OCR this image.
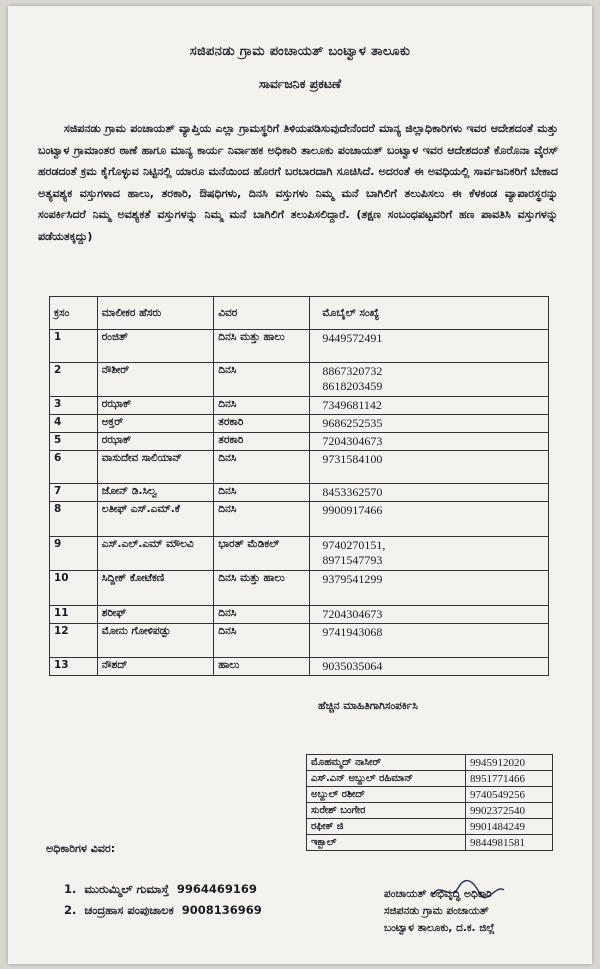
ಸಜಿಪನಡು ಗ್ರಾಮ ಪಂಚಾಯತ್ ಬಂಟ್ವಾಳ ತಾಲೂಕು
ಸಾರ್ವಜನಿಕ ಪ್ರಕಟಣೆ
ಸಜಿಪನಡು ಗ್ರಾಮ ಪಂಚಾಯತ್ ವ್ಯಾಪ್ತಿಯ ಎಲ್ಲಾ ಗ್ರಾಮಸ್ಥರಿಗೆ ತಿಳಿಯಪಡಿಸುವುದೇನೆಂದರೆ ಮಾನ್ಯ ಜಿಲ್ಲಾಧಿಕಾರಿಗಳು ಇವರ ಆದೇಶದಂತೆ ಮತ್ತು ಬಂಟ್ವಾಳ ಗ್ರಾಮಾಂತರ ಠಾಣೆ ಹಾಗೂ ಮಾನ್ಯ ಕಾರ್ಯ ನಿರ್ವಾಹಕ ಅಧಿಕಾರಿ ತಾಲೂಕು ಪಂಚಾಯತ್ ಬಂಟ್ವಾಳ ಇವರ ಆದೇಶದಂತೆ ಕೊರೊನಾ ವೈರಸ್ ಹರಡದಂತೆ ಕ್ರಮ ಕೈಗೊಳ್ಳುವ ನಿಟ್ಟಿನಲ್ಲಿ ಯಾರೂ ಮನೆಯಿಂದ ಹೊರಗೆ ಬರಬಾರದಾಗಿ ಸೂಚಿಸಿದೆ. ಅದರಂತೆ ಈ ಅವಧಿಯಲ್ಲಿ ಸಾರ್ವಜನಿಕರಿಗೆ ಬೇಕಾದ ಅತ್ಯವಶ್ಯಕ ವಸ್ತುಗಳಾದ ಹಾಲು, ತರಕಾರಿ, ಔಷಧಿಗಳು, ದಿನಸಿ ವಸ್ತುಗಳು ನಿಮ್ಮ ಮನೆ ಬಾಗಿಲಿಗೆ ತಲುಪಿಸಲು ಈ ಕೆಳಕಂಡ ವ್ಯಾಪಾರಸ್ಥರನ್ನು ಸಂಪರ್ಕಿಸಿದರೆ ನಿಮ್ಮ ಅವಶ್ಯಕತೆ ವಸ್ತುಗಳನ್ನು ನಿಮ್ಮ ಮನೆ ಬಾಗಿಲಿಗೆ ತಲುಪಿಸಲಿದ್ದಾರೆ. (ತಕ್ಷಣ ಸಂಬಂಧಪಟ್ಟವರಿಗೆ ಹಣ ಪಾವತಿಸಿ ವಸ್ತುಗಳನ್ನು ಪಡೆಯತಕ್ಕದ್ದು)
ಕ್ರಸಂ	ಮಾಲೀಕರ ಹೆಸರು	ವಿವರ	ಮೊಬೈಲ್ ಸಂಖ್ಯೆ
1	ರಂಜಿತ್	ದಿನಸಿ ಮತ್ತು ಹಾಲು	9449572491

2	ನೌಶೀರ್	ದಿನಸಿ	8867320732
8618203459

3	ರಝಾಕ್	ದಿನಸಿ	7349681142

4	ಅಕ್ತರ್	ತರಕಾರಿ	9686252535

5	ರಝಾಕ್	ತರಕಾರಿ	7204304673

6	ವಾಸುದೇವ ಸಾಲಿಯಾನ್	ದಿನಸಿ	9731584100

7	ಜೋನ್ ಡಿ.ಸಿಲ್ವ	ದಿನಸಿ	8453362570

8	ಲತೀಫ್ ಎಸ್.ಎಮ್.ಕೆ	ದಿನಸಿ	9900917466

9	ಎಸ್.ಎಲ್.ಎಮ್ ಮೌಲವಿ	ಭಾರತ್ ಮೆಡಿಕಲ್	9740270151,
8971547793

10	ಸಿದ್ದೀಕ್ ಕೋಟೆಕಣಿ	ದಿನಸಿ ಮತ್ತು ಹಾಲು	9379541299

11	ಶರೀಫ್	ದಿನಸಿ	7204304673

12	ಮೋನು ಗೋಳಿಪಡ್ಪು	ದಿನಸಿ	9741943068

13	ನೌಶದ್	ಹಾಲು	9035035064
ಹೆಚ್ಚಿನ ಮಾಹಿತಿಗಾಗಿಸಂಪರ್ಕಿಸಿ
ಮೊಹಮ್ಮದ್ ನಾಸೀರ್	9945912020
ಎಸ್.ಎನ್ ಅಬ್ದುಲ್ ರಹಿಮಾನ್	8951771466
ಅಬ್ದುಲ್ ರಶೀದ್	9740549256
ಸುರೇಶ್ ಬಂಗೇರ	9902372540
ರಫೀಕ್ ಜಿ	9901484249
ಇಕ್ಬಾಲ್	9844981581
ಅಧಿಕಾರಿಗಳ ವಿವರ:
1. ಮುರುಮ್ಮಿಲ್ ಗುಮಾಸ್ತೆ 9964469169
2. ಚಂದ್ರಹಾಸ ಪಂಪುಚಾಲಕ 9008136969
ಪಂಚಾಯತ್ ಅಭಿವೃದ್ಧಿ ಅಧಿಕಾರಿ
ಸಜಿಪನಡು ಗ್ರಾಮ ಪಂಚಾಯತ್
ಬಂಟ್ವಾಳ ತಾಲೂಕು, ದ.ಕ. ಜಿಲ್ಲೆ
